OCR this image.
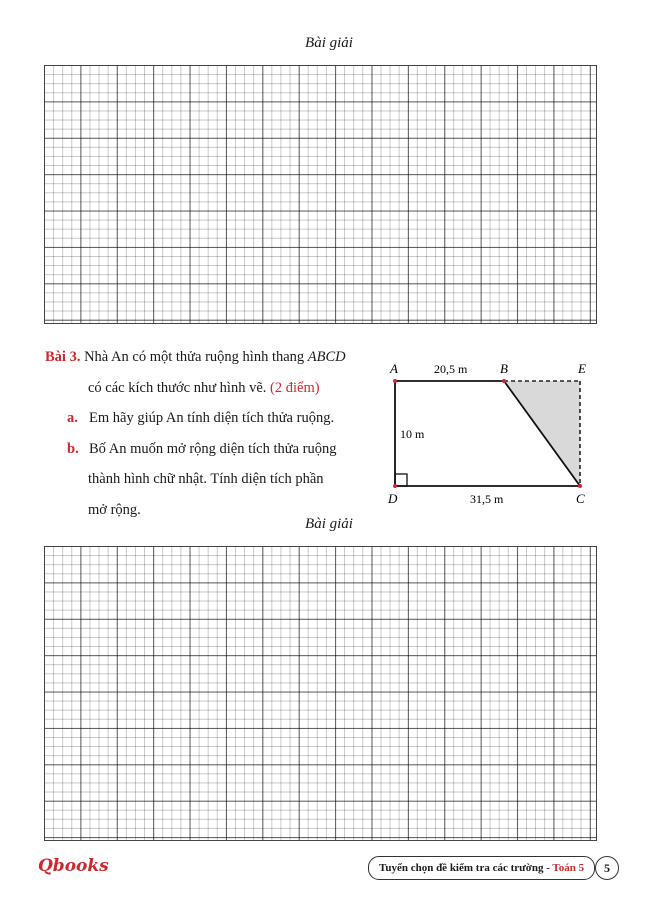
Bài giải
Bài 3. Nhà An có một thửa ruộng hình thang ABCD
có các kích thước như hình vẽ. (2 điểm)
a. Em hãy giúp An tính diện tích thửa ruộng.
b. Bố An muốn mở rộng diện tích thửa ruộng
thành hình chữ nhật. Tính diện tích phần
mở rộng.
A	B	E
D	C
20,5 m
10 m
31,5 m
Bài giải
Qbooks	Tuyển chọn đề kiểm tra các trường - Toán 5	5
